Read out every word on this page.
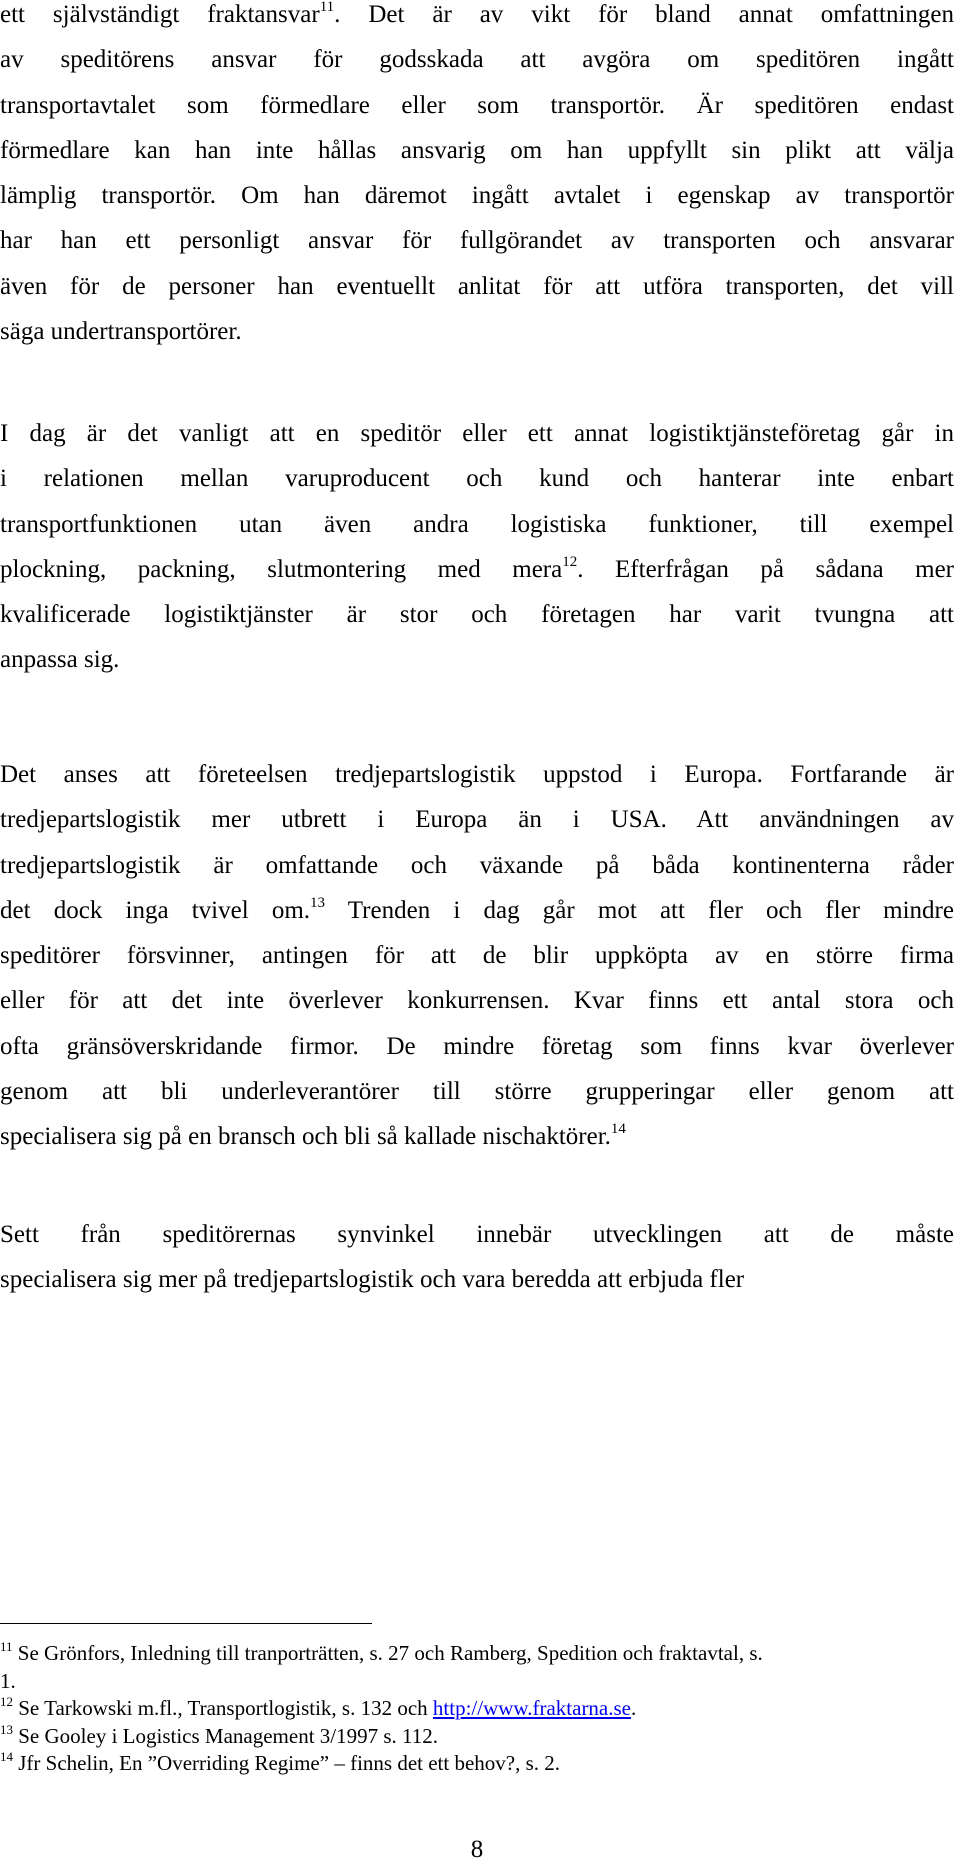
ett självständigt fraktansvar$^{11}$. Det är av vikt för bland annat omfattningen
av speditörens ansvar för godsskada att avgöra om speditören ingått
transportavtalet som förmedlare eller som transportör. Är speditören endast
förmedlare kan han inte hållas ansvarig om han uppfyllt sin plikt att välja
lämplig transportör. Om han däremot ingått avtalet i egenskap av transportör
har han ett personligt ansvar för fullgörandet av transporten och ansvarar
även för de personer han eventuellt anlitat för att utföra transporten, det vill
säga undertransportörer.
I dag är det vanligt att en speditör eller ett annat logistiktjänsteföretag går in
i relationen mellan varuproducent och kund och hanterar inte enbart
transportfunktionen utan även andra logistiska funktioner, till exempel
plockning, packning, slutmontering med mera$^{12}$. Efterfrågan på sådana mer
kvalificerade logistiktjänster är stor och företagen har varit tvungna att
anpassa sig.
Det anses att företeelsen tredjepartslogistik uppstod i Europa. Fortfarande är
tredjepartslogistik mer utbrett i Europa än i USA. Att användningen av
tredjepartslogistik är omfattande och växande på båda kontinenterna råder
det dock inga tvivel om.$^{13}$ Trenden i dag går mot att fler och fler mindre
speditörer försvinner, antingen för att de blir uppköpta av en större firma
eller för att det inte överlever konkurrensen. Kvar finns ett antal stora och
ofta gränsöverskridande firmor. De mindre företag som finns kvar överlever
genom att bli underleverantörer till större grupperingar eller genom att
specialisera sig på en bransch och bli så kallade nischaktörer.$^{14}$
Sett från speditörernas synvinkel innebär utvecklingen att de måste
specialisera sig mer på tredjepartslogistik och vara beredda att erbjuda fler
$^{11}$ Se Grönfors, Inledning till tranporträtten, s. 27 och Ramberg, Spedition och fraktavtal, s.
1.
$^{12}$ Se Tarkowski m.fl., Transportlogistik, s. 132 och http://www.fraktarna.se.
$^{13}$ Se Gooley i Logistics Management 3/1997 s. 112.
$^{14}$ Jfr Schelin, En ”Overriding Regime” – finns det ett behov?, s. 2.
8
